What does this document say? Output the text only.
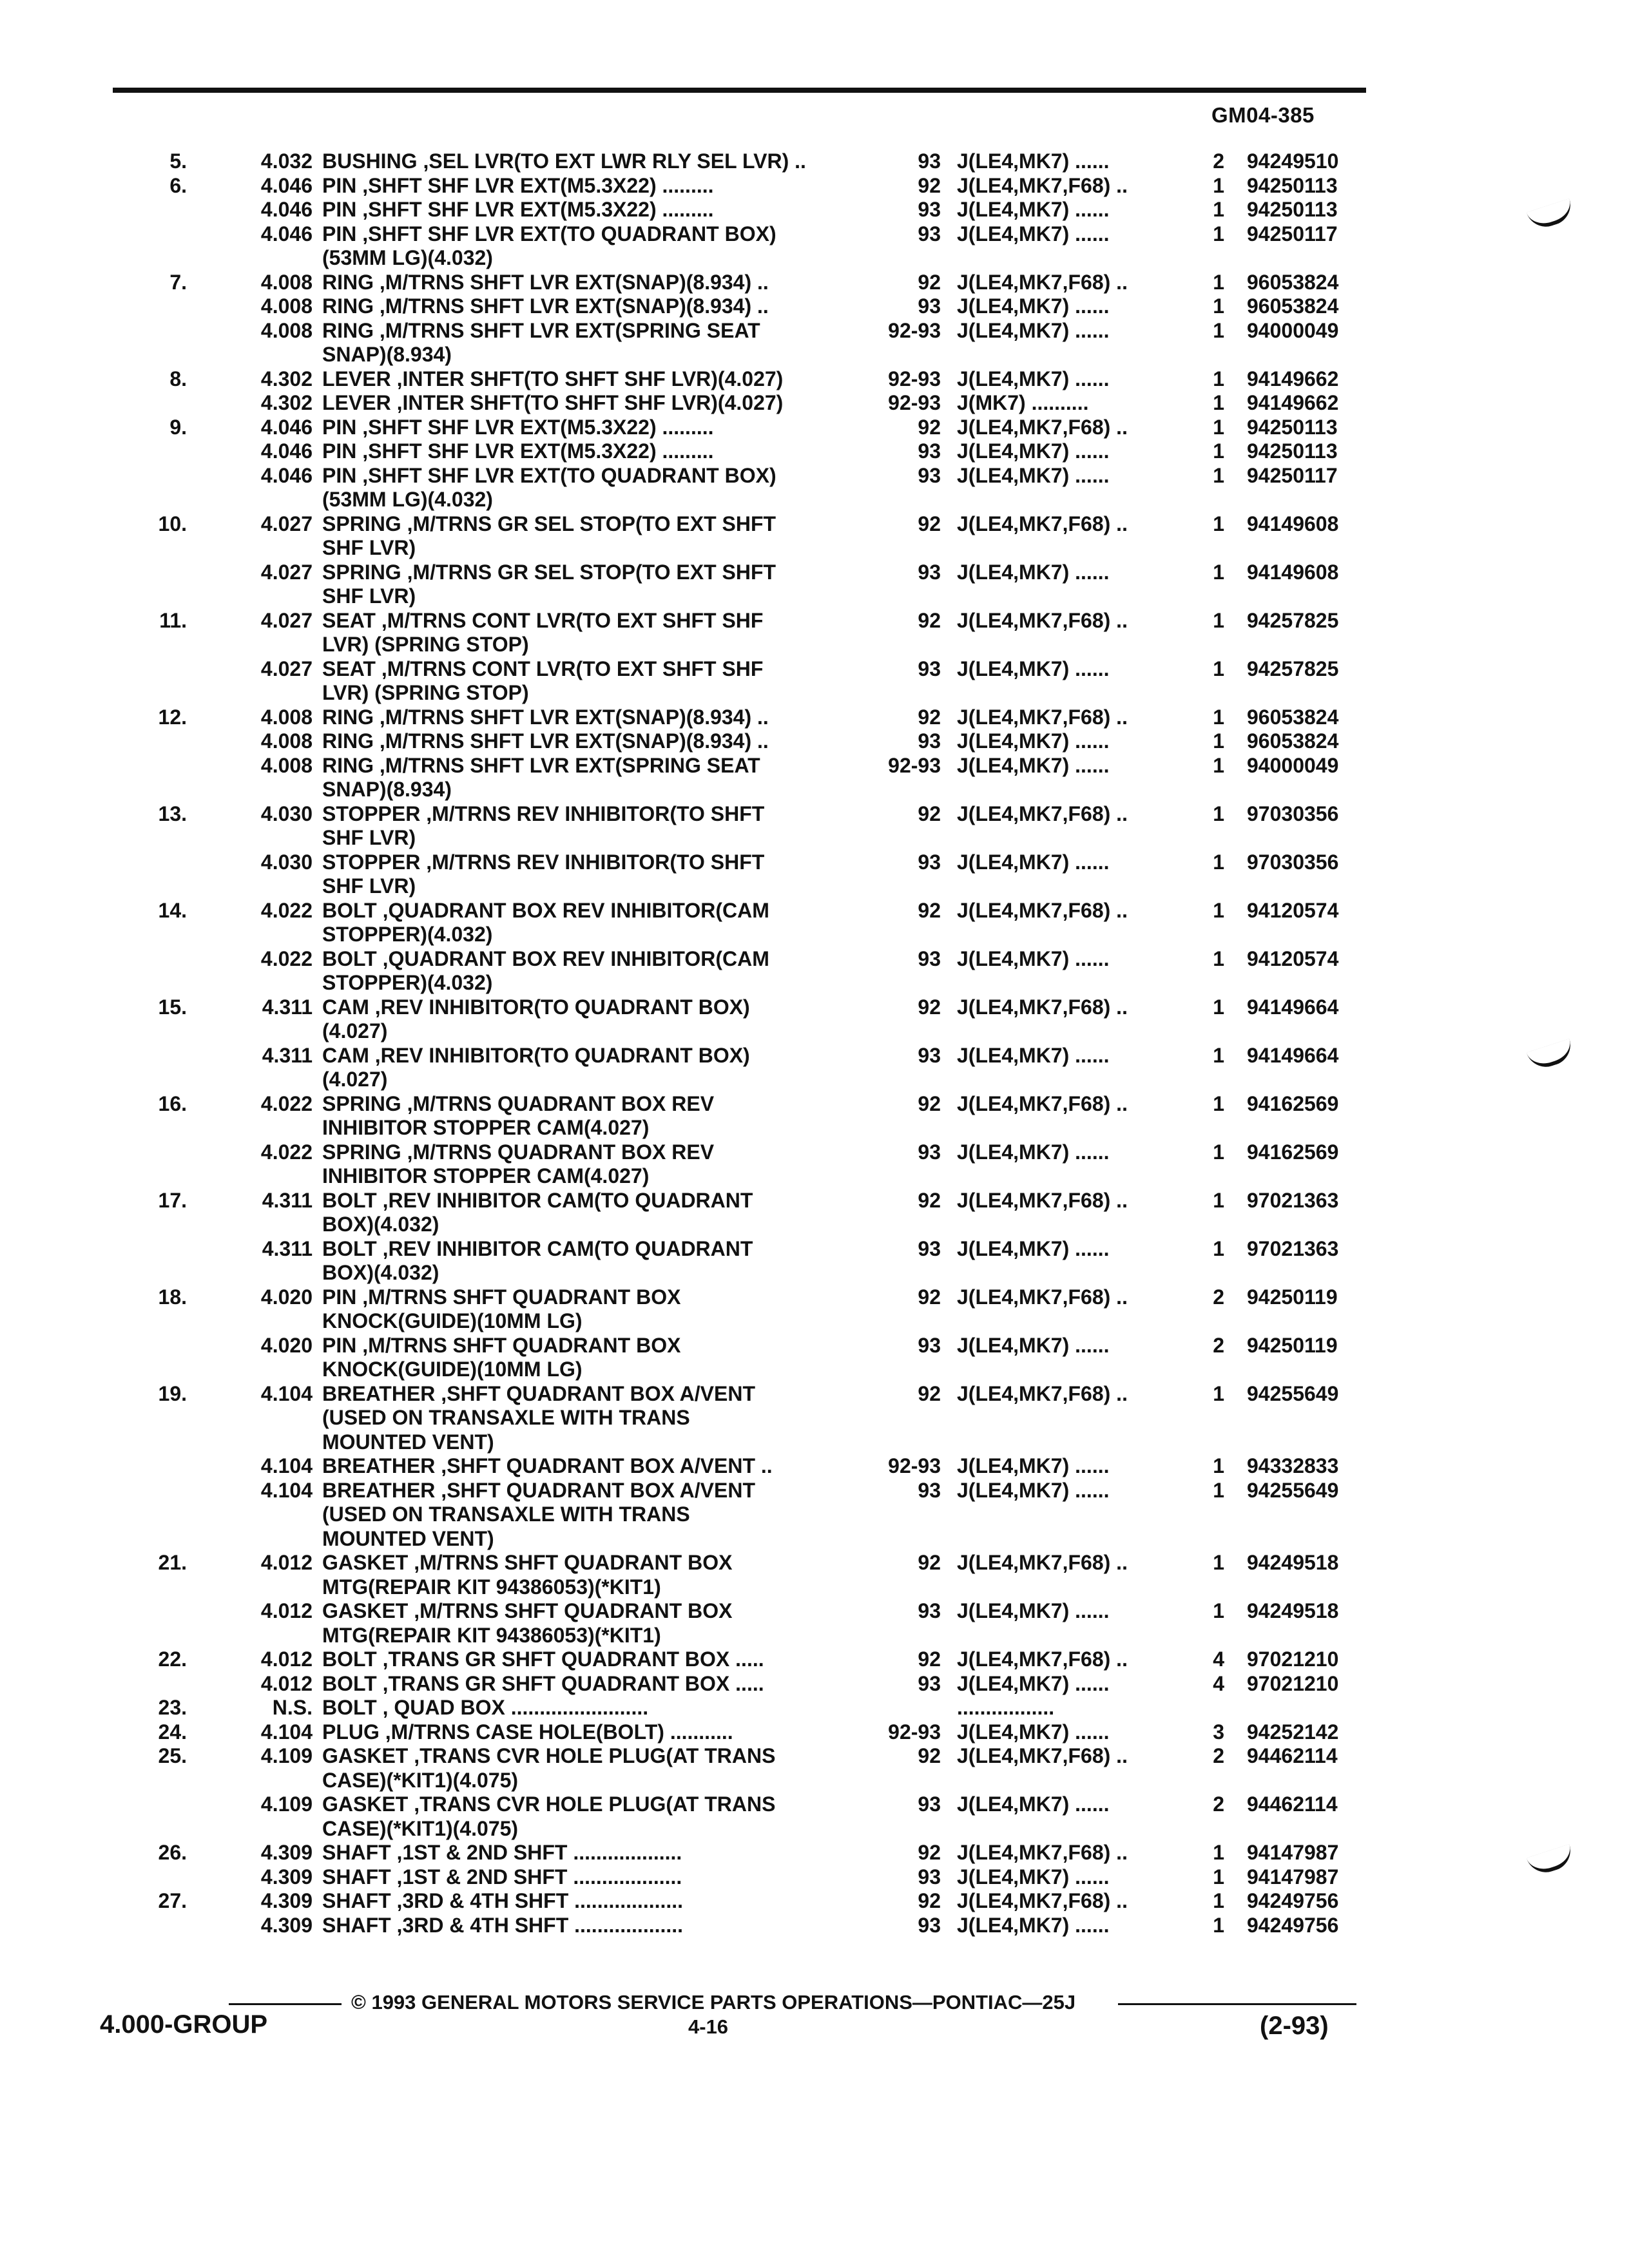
GM04-385
5.	4.032 BUSHING ,SEL LVR(TO EXT LWR RLY SEL LVR) ..	93 J(LE4,MK7) ......	2 94249510
6.	4.046 PIN ,SHFT SHF LVR EXT(M5.3X22) .........	92 J(LE4,MK7,F68) ..	1 94250113
4.046 PIN ,SHFT SHF LVR EXT(M5.3X22) .........	93 J(LE4,MK7) ......	1 94250113
4.046 PIN ,SHFT SHF LVR EXT(TO QUADRANT BOX)	93 J(LE4,MK7) ......	1 94250117
(53MM LG)(4.032)
7.	4.008 RING ,M/TRNS SHFT LVR EXT(SNAP)(8.934) ..	92 J(LE4,MK7,F68) ..	1 96053824
4.008 RING ,M/TRNS SHFT LVR EXT(SNAP)(8.934) ..	93 J(LE4,MK7) ......	1 96053824
4.008 RING ,M/TRNS SHFT LVR EXT(SPRING SEAT	92-93 J(LE4,MK7) ......	1 94000049
SNAP)(8.934)
8.	4.302 LEVER ,INTER SHFT(TO SHFT SHF LVR)(4.027)	92-93 J(LE4,MK7) ......	1 94149662
4.302 LEVER ,INTER SHFT(TO SHFT SHF LVR)(4.027)	92-93 J(MK7) ..........	1 94149662
9.	4.046 PIN ,SHFT SHF LVR EXT(M5.3X22) .........	92 J(LE4,MK7,F68) ..	1 94250113
4.046 PIN ,SHFT SHF LVR EXT(M5.3X22) .........	93 J(LE4,MK7) ......	1 94250113
4.046 PIN ,SHFT SHF LVR EXT(TO QUADRANT BOX)	93 J(LE4,MK7) ......	1 94250117
(53MM LG)(4.032)
10.	4.027 SPRING ,M/TRNS GR SEL STOP(TO EXT SHFT	92 J(LE4,MK7,F68) ..	1 94149608
SHF LVR)
4.027 SPRING ,M/TRNS GR SEL STOP(TO EXT SHFT	93 J(LE4,MK7) ......	1 94149608
SHF LVR)
11.	4.027 SEAT ,M/TRNS CONT LVR(TO EXT SHFT SHF	92 J(LE4,MK7,F68) ..	1 94257825
LVR) (SPRING STOP)
4.027 SEAT ,M/TRNS CONT LVR(TO EXT SHFT SHF	93 J(LE4,MK7) ......	1 94257825
LVR) (SPRING STOP)
12.	4.008 RING ,M/TRNS SHFT LVR EXT(SNAP)(8.934) ..	92 J(LE4,MK7,F68) ..	1 96053824
4.008 RING ,M/TRNS SHFT LVR EXT(SNAP)(8.934) ..	93 J(LE4,MK7) ......	1 96053824
4.008 RING ,M/TRNS SHFT LVR EXT(SPRING SEAT	92-93 J(LE4,MK7) ......	1 94000049
SNAP)(8.934)
13.	4.030 STOPPER ,M/TRNS REV INHIBITOR(TO SHFT	92 J(LE4,MK7,F68) ..	1 97030356
SHF LVR)
4.030 STOPPER ,M/TRNS REV INHIBITOR(TO SHFT	93 J(LE4,MK7) ......	1 97030356
SHF LVR)
14.	4.022 BOLT ,QUADRANT BOX REV INHIBITOR(CAM	92 J(LE4,MK7,F68) ..	1 94120574
STOPPER)(4.032)
4.022 BOLT ,QUADRANT BOX REV INHIBITOR(CAM	93 J(LE4,MK7) ......	1 94120574
STOPPER)(4.032)
15.	4.311 CAM ,REV INHIBITOR(TO QUADRANT BOX)	92 J(LE4,MK7,F68) ..	1 94149664
(4.027)
4.311 CAM ,REV INHIBITOR(TO QUADRANT BOX)	93 J(LE4,MK7) ......	1 94149664
(4.027)
16.	4.022 SPRING ,M/TRNS QUADRANT BOX REV	92 J(LE4,MK7,F68) ..	1 94162569
INHIBITOR STOPPER CAM(4.027)
4.022 SPRING ,M/TRNS QUADRANT BOX REV	93 J(LE4,MK7) ......	1 94162569
INHIBITOR STOPPER CAM(4.027)
17.	4.311 BOLT ,REV INHIBITOR CAM(TO QUADRANT	92 J(LE4,MK7,F68) ..	1 97021363
BOX)(4.032)
4.311 BOLT ,REV INHIBITOR CAM(TO QUADRANT	93 J(LE4,MK7) ......	1 97021363
BOX)(4.032)
18.	4.020 PIN ,M/TRNS SHFT QUADRANT BOX	92 J(LE4,MK7,F68) ..	2 94250119
KNOCK(GUIDE)(10MM LG)
4.020 PIN ,M/TRNS SHFT QUADRANT BOX	93 J(LE4,MK7) ......	2 94250119
KNOCK(GUIDE)(10MM LG)
19.	4.104 BREATHER ,SHFT QUADRANT BOX A/VENT	92 J(LE4,MK7,F68) ..	1 94255649
(USED ON TRANSAXLE WITH TRANS
MOUNTED VENT)
4.104 BREATHER ,SHFT QUADRANT BOX A/VENT ..	92-93 J(LE4,MK7) ......	1 94332833
4.104 BREATHER ,SHFT QUADRANT BOX A/VENT	93 J(LE4,MK7) ......	1 94255649
(USED ON TRANSAXLE WITH TRANS
MOUNTED VENT)
21.	4.012 GASKET ,M/TRNS SHFT QUADRANT BOX	92 J(LE4,MK7,F68) ..	1 94249518
MTG(REPAIR KIT 94386053)(*KIT1)
4.012 GASKET ,M/TRNS SHFT QUADRANT BOX	93 J(LE4,MK7) ......	1 94249518
MTG(REPAIR KIT 94386053)(*KIT1)
22.	4.012 BOLT ,TRANS GR SHFT QUADRANT BOX .....	92 J(LE4,MK7,F68) ..	4 97021210
4.012 BOLT ,TRANS GR SHFT QUADRANT BOX .....	93 J(LE4,MK7) ......	4 97021210
23.	N.S. BOLT , QUAD BOX ........................	.................
24.	4.104 PLUG ,M/TRNS CASE HOLE(BOLT) ...........	92-93 J(LE4,MK7) ......	3 94252142
25.	4.109 GASKET ,TRANS CVR HOLE PLUG(AT TRANS	92 J(LE4,MK7,F68) ..	2 94462114
CASE)(*KIT1)(4.075)
4.109 GASKET ,TRANS CVR HOLE PLUG(AT TRANS	93 J(LE4,MK7) ......	2 94462114
CASE)(*KIT1)(4.075)
26.	4.309 SHAFT ,1ST & 2ND SHFT ...................	92 J(LE4,MK7,F68) ..	1 94147987
4.309 SHAFT ,1ST & 2ND SHFT ...................	93 J(LE4,MK7) ......	1 94147987
27.	4.309 SHAFT ,3RD & 4TH SHFT ...................	92 J(LE4,MK7,F68) ..	1 94249756
4.309 SHAFT ,3RD & 4TH SHFT ...................	93 J(LE4,MK7) ......	1 94249756
© 1993 GENERAL MOTORS SERVICE PARTS OPERATIONS—PONTIAC—25J
4.000-GROUP	4-16	(2-93)
